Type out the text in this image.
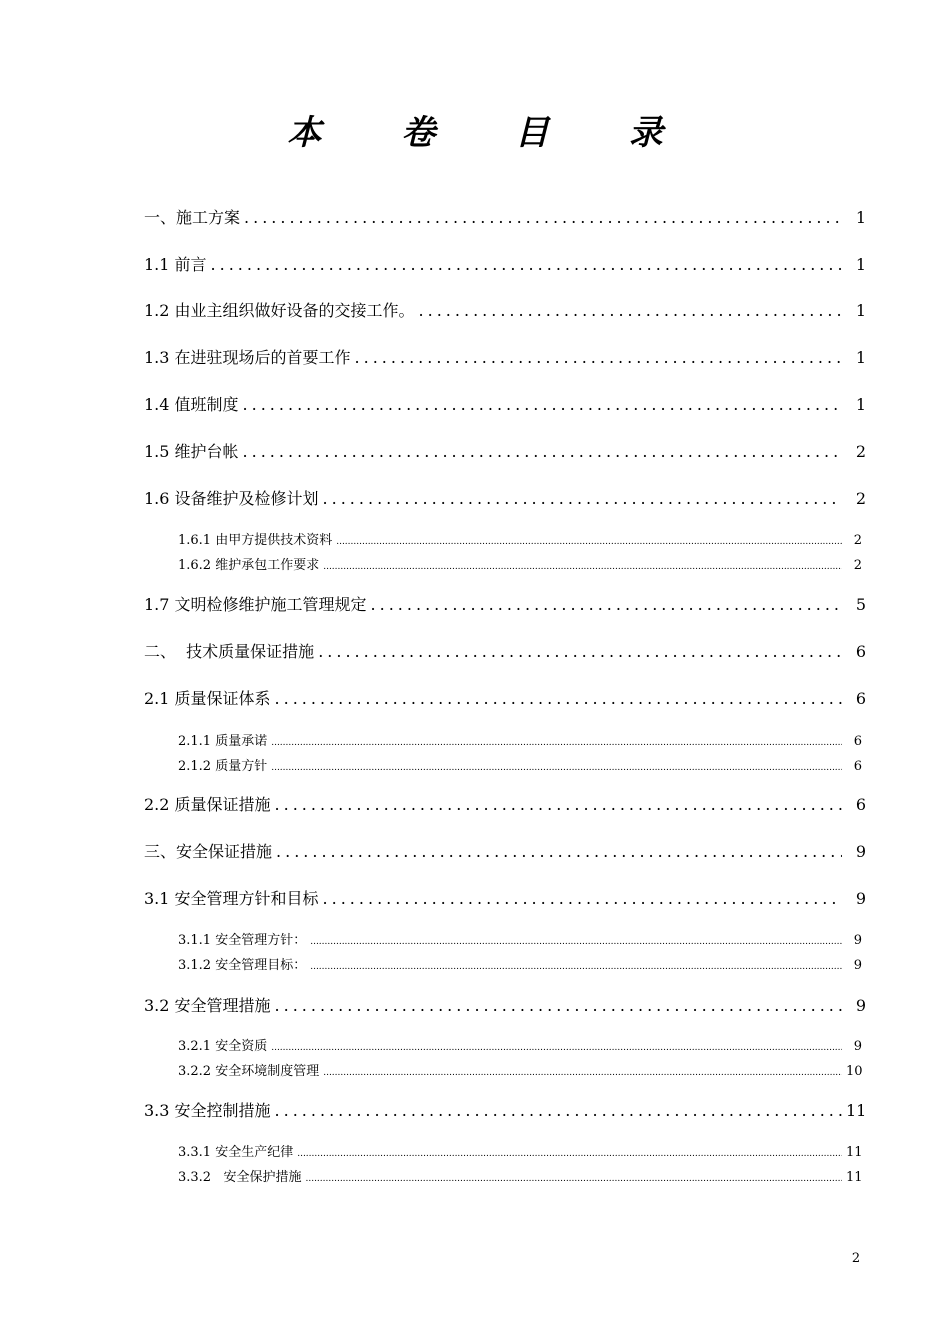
本 卷 目 录
一、施工方案 .....	1
1.1 前言 .....	1
1.2 由业主组织做好设备的交接工作。 .....	1
1.3 在进驻现场后的首要工作 .....	1
1.4 值班制度 .....	1
1.5 维护台帐 .....	2
1.6 设备维护及检修计划 .....	2
1.6.1 由甲方提供技术资料 .....	2
1.6.2 维护承包工作要求 .....	2
1.7 文明检修维护施工管理规定 .....	5
二、  技术质量保证措施 .....	6
2.1 质量保证体系 .....	6
2.1.1 质量承诺 .....	6
2.1.2 质量方针 .....	6
2.2 质量保证措施 .....	6
三、安全保证措施 .....	9
3.1 安全管理方针和目标 .....	9
3.1.1 安全管理方针： .....	9
3.1.2 安全管理目标： .....	9
3.2 安全管理措施 .....	9
3.2.1 安全资质 .....	9
3.2.2 安全环境制度管理 .....	10
3.3 安全控制措施 .....	11
3.3.1 安全生产纪律 .....	11
3.3.2   安全保护措施 .....	11
2
